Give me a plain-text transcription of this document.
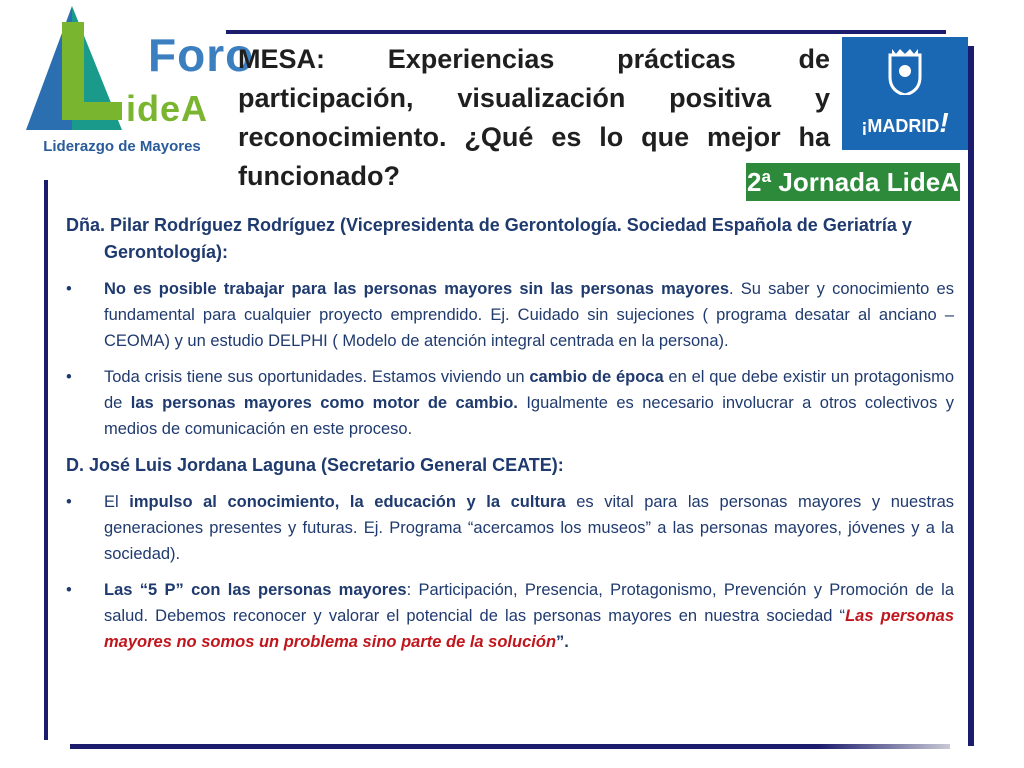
Foro
ideA
Liderazgo de Mayores
MESA: Experiencias prácticas de participación, visualización positiva y reconocimiento. ¿Qué es lo que mejor ha funcionado?
¡MADRID!
2ª Jornada LideA
Dña. Pilar Rodríguez Rodríguez (Vicepresidenta de Gerontología. Sociedad Española de Geriatría y Gerontología):
• No es posible trabajar para las personas mayores sin las personas mayores. Su saber y conocimiento es fundamental para cualquier proyecto emprendido. Ej. Cuidado sin sujeciones ( programa desatar al anciano – CEOMA) y un estudio DELPHI ( Modelo de atención integral centrada en la persona).
• Toda crisis tiene sus oportunidades. Estamos viviendo un cambio de época en el que debe existir un protagonismo de las personas mayores como motor de cambio. Igualmente es necesario involucrar a otros colectivos y medios de comunicación en este proceso.
D. José Luis Jordana Laguna (Secretario General CEATE):
• El impulso al conocimiento, la educación y la cultura es vital para las personas mayores y nuestras generaciones presentes y futuras. Ej. Programa “acercamos los museos” a las personas mayores, jóvenes y a la sociedad).
• Las “5 P” con las personas mayores: Participación, Presencia, Protagonismo, Prevención y Promoción de la salud. Debemos reconocer y valorar el potencial de las personas mayores en nuestra sociedad “Las personas mayores no somos un problema sino parte de la solución”.
